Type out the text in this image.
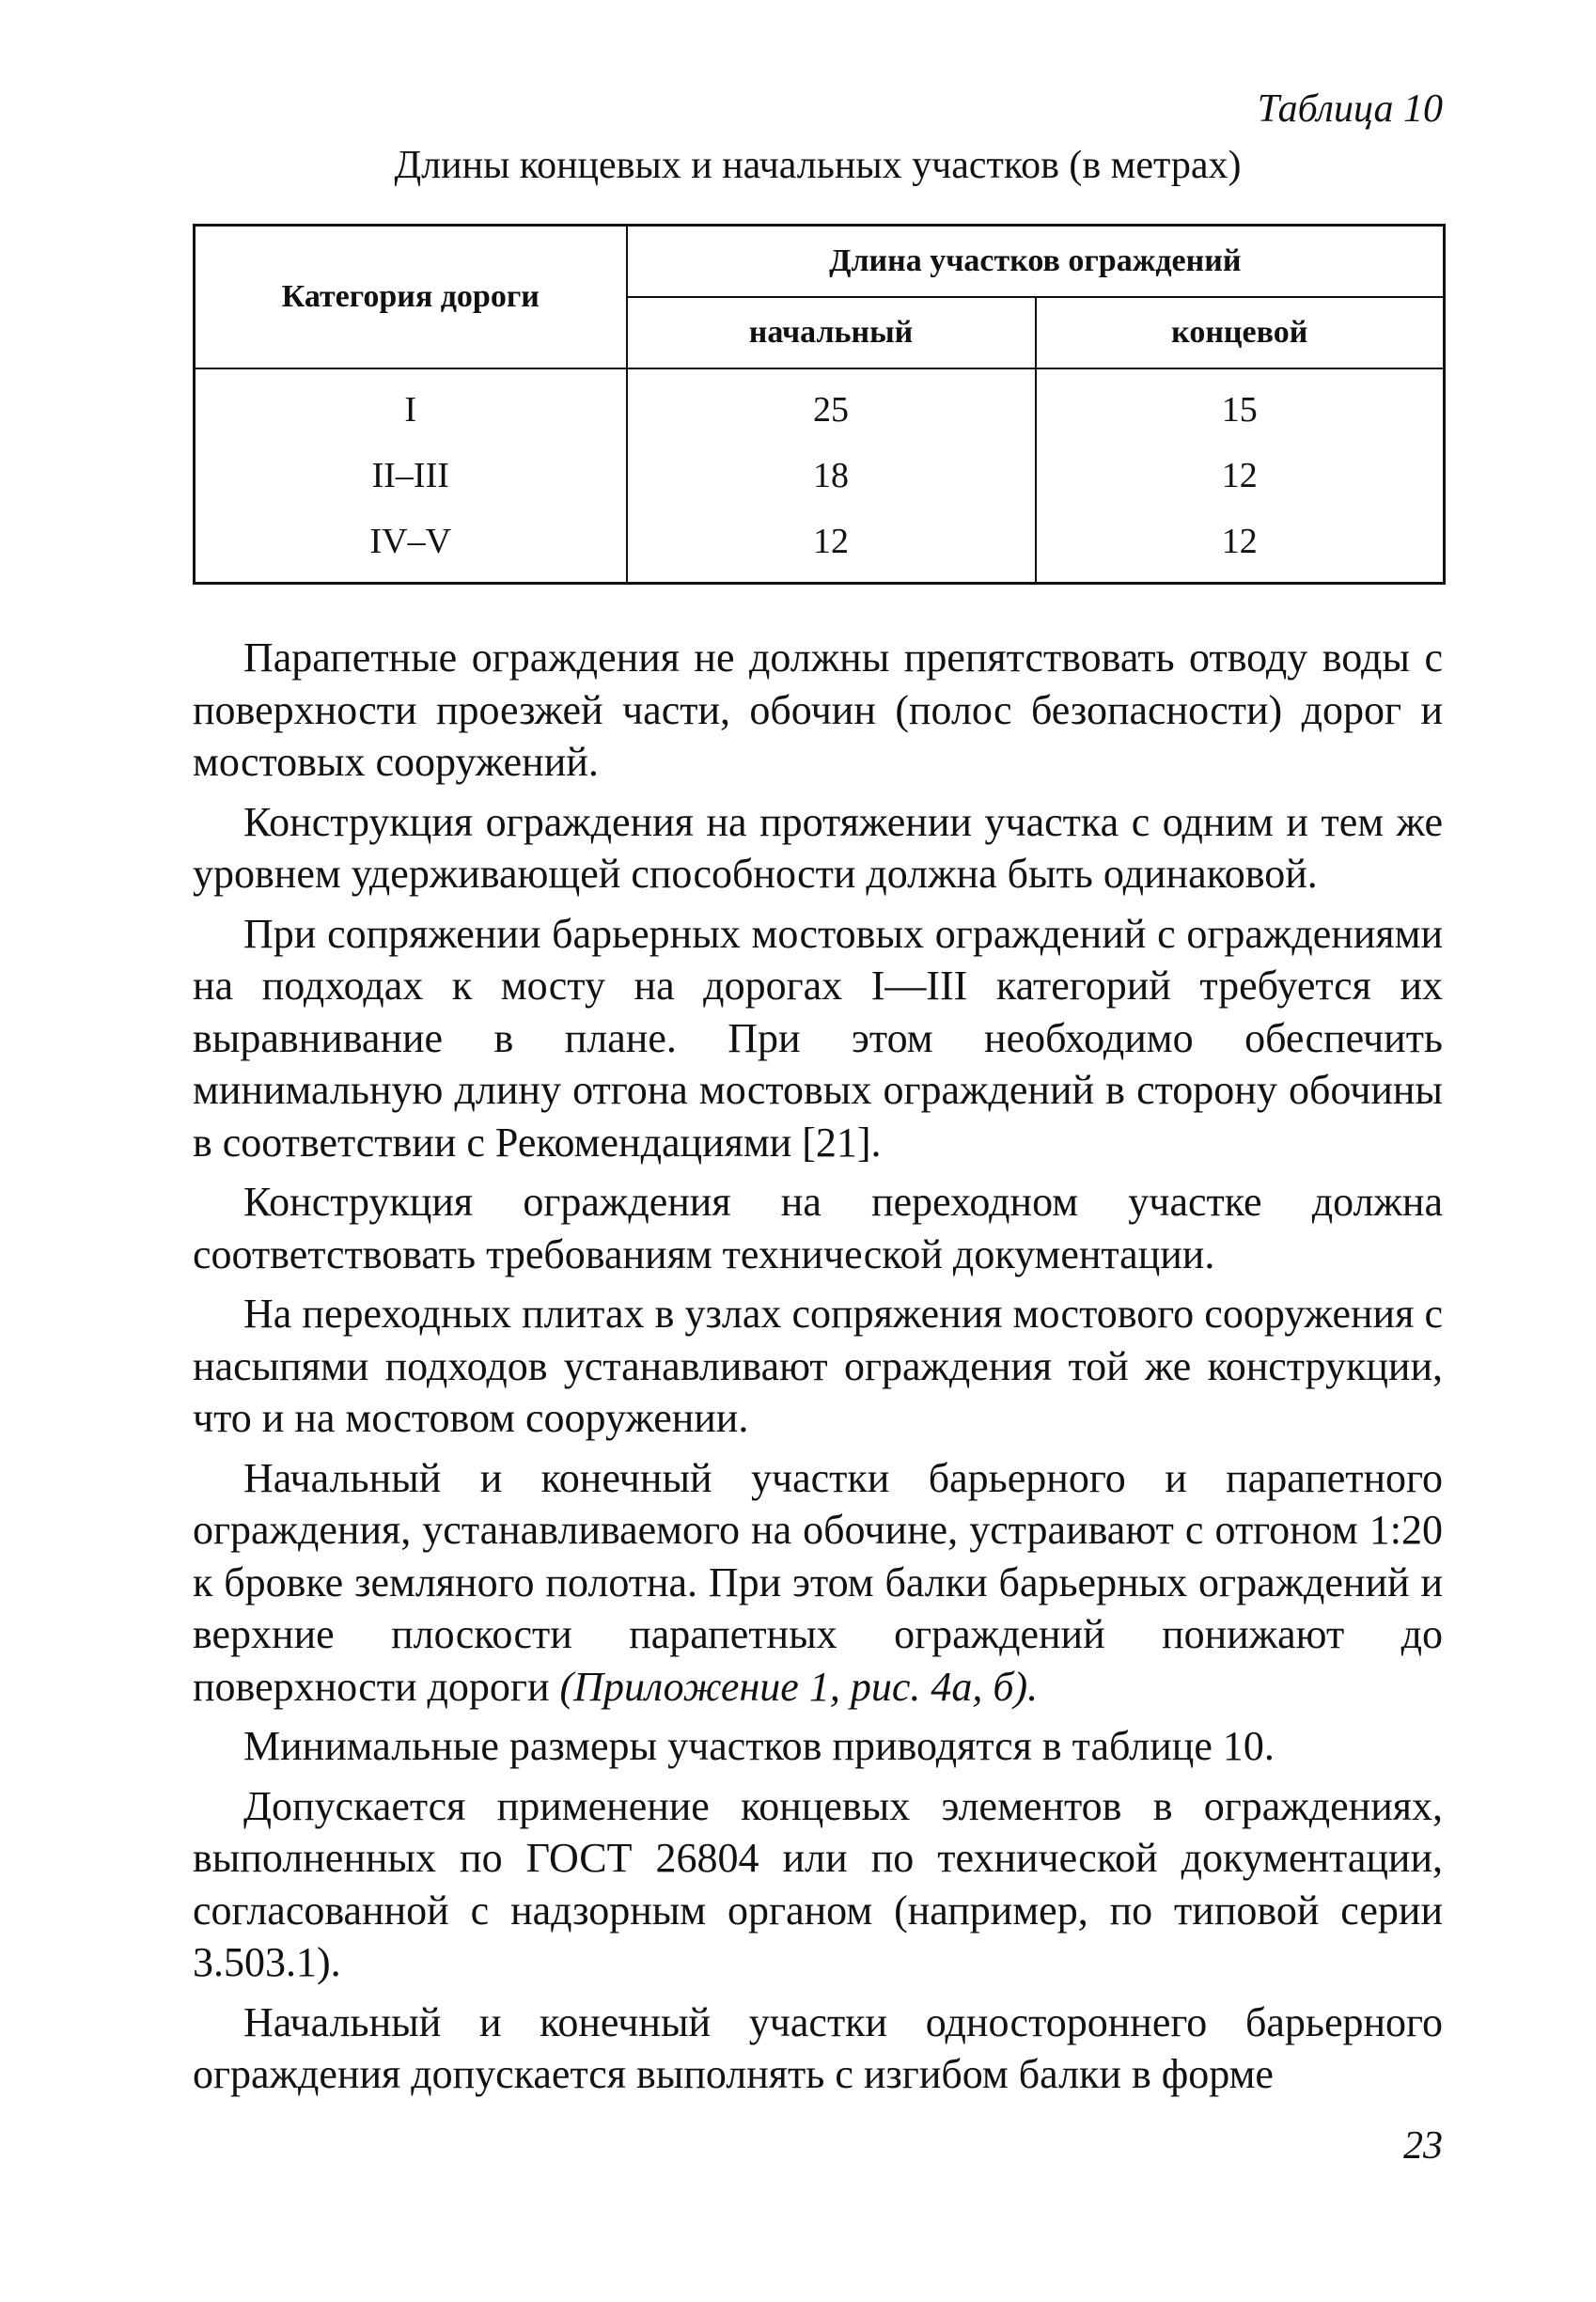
Таблица 10
Длины концевых и начальных участков (в метрах)
Категория дороги	Длина участков ограждений	
	начальный	концевой
I	25	15
II–III	18	12
IV–V	12	12

Парапетные ограждения не должны препятствовать отводу воды с поверхности проезжей части, обочин (полос безопасности) дорог и мостовых сооружений.

Конструкция ограждения на протяжении участка с одним и тем же уровнем удерживающей способности должна быть одинаковой.

При сопряжении барьерных мостовых ограждений с ограждениями на подходах к мосту на дорогах I—III категорий требуется их выравнивание в плане. При этом необходимо обеспечить минимальную длину отгона мостовых ограждений в сторону обочины в соответствии с Рекомендациями [21].

Конструкция ограждения на переходном участке должна соответствовать требованиям технической документации.

На переходных плитах в узлах сопряжения мостового сооружения с насыпями подходов устанавливают ограждения той же конструкции, что и на мостовом сооружении.

Начальный и конечный участки барьерного и парапетного ограждения, устанавливаемого на обочине, устраивают с отгоном 1:20 к бровке земляного полотна. При этом балки барьерных ограждений и верхние плоскости парапетных ограждений понижают до поверхности дороги (Приложение 1, рис. 4а, б).

Минимальные размеры участков приводятся в таблице 10.

Допускается применение концевых элементов в ограждениях, выполненных по ГОСТ 26804 или по технической документации, согласованной с надзорным органом (например, по типовой серии 3.503.1).

Начальный и конечный участки одностороннего барьерного ограждения допускается выполнять с изгибом балки в форме

23
